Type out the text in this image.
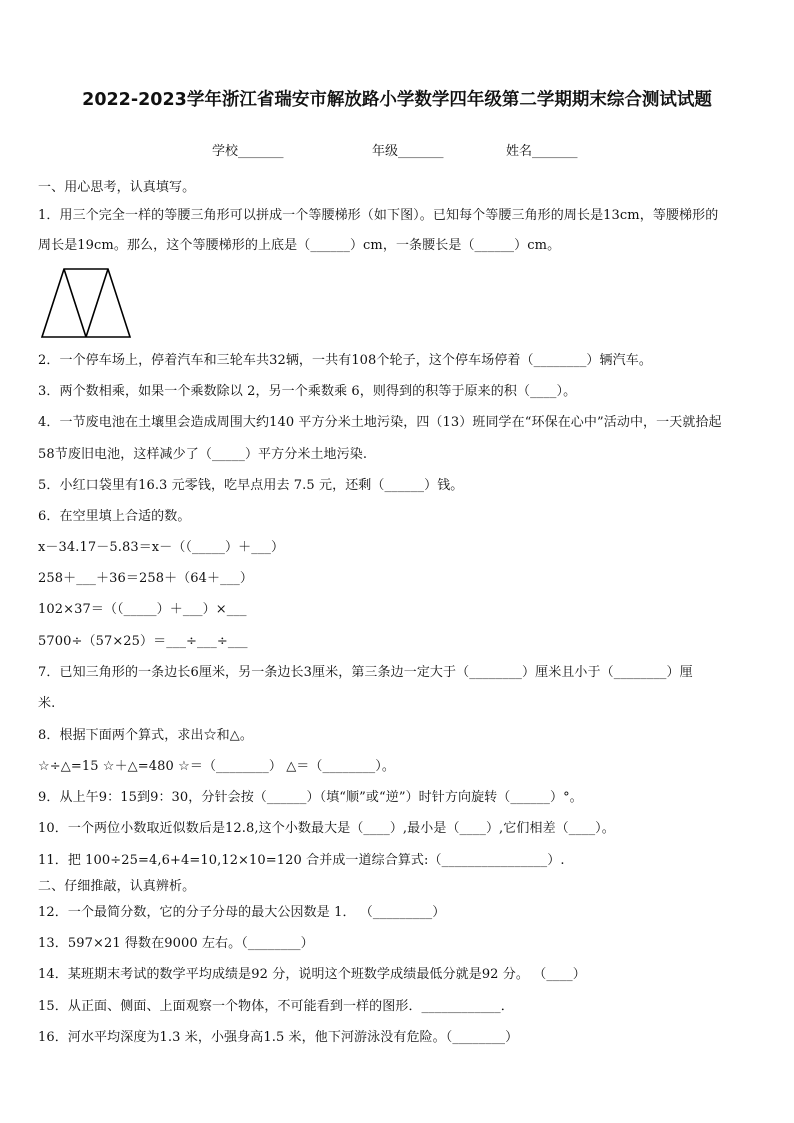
2022-2023学年浙江省瑞安市解放路小学数学四年级第二学期期末综合测试试题
学校_______	年级_______	姓名_______
一、用心思考，认真填写。
1．用三个完全一样的等腰三角形可以拼成一个等腰梯形（如下图）。已知每个等腰三角形的周长是13cm，等腰梯形的
周长是19cm。那么，这个等腰梯形的上底是（______）cm，一条腰长是（______）cm。
2．一个停车场上，停着汽车和三轮车共32辆，一共有108个轮子，这个停车场停着（________）辆汽车。
3．两个数相乘，如果一个乘数除以 2，另一个乘数乘 6，则得到的积等于原来的积（____）。
4．一节废电池在土壤里会造成周围大约140 平方分米土地污染，四（13）班同学在“环保在心中”活动中，一天就拾起
58节废旧电池，这样减少了（_____）平方分米土地污染.
5．小红口袋里有16.3 元零钱，吃早点用去 7.5 元，还剩（______）钱。
6．在空里填上合适的数。
x－34.17－5.83＝x－（（_____）＋___）
258＋___＋36＝258＋（64＋___）
102×37＝（（_____）＋___）×___
5700÷（57×25）＝___÷___÷___
7．已知三角形的一条边长6厘米，另一条边长3厘米，第三条边一定大于（________）厘米且小于（________）厘
米.
8．根据下面两个算式，求出☆和△。
☆÷△=15 ☆＋△=480 ☆＝（________） △＝（________）。
9．从上午9：15到9：30，分针会按（______）（填“顺”或“逆”）时针方向旋转（______）°。
10．一个两位小数取近似数后是12.8,这个小数最大是（____）,最小是（____）,它们相差（____）。
11．把 100÷25=4,6+4=10,12×10=120 合并成一道综合算式:（________________）.
二、仔细推敲，认真辨析。
12．一个最简分数，它的分子分母的最大公因数是 1． （_________）
13．597×21 得数在9000 左右。（________）
14．某班期末考试的数学平均成绩是92 分，说明这个班数学成绩最低分就是92 分。 （____）
15．从正面、侧面、上面观察一个物体，不可能看到一样的图形．____________．
16．河水平均深度为1.3 米，小强身高1.5 米，他下河游泳没有危险。（________）
